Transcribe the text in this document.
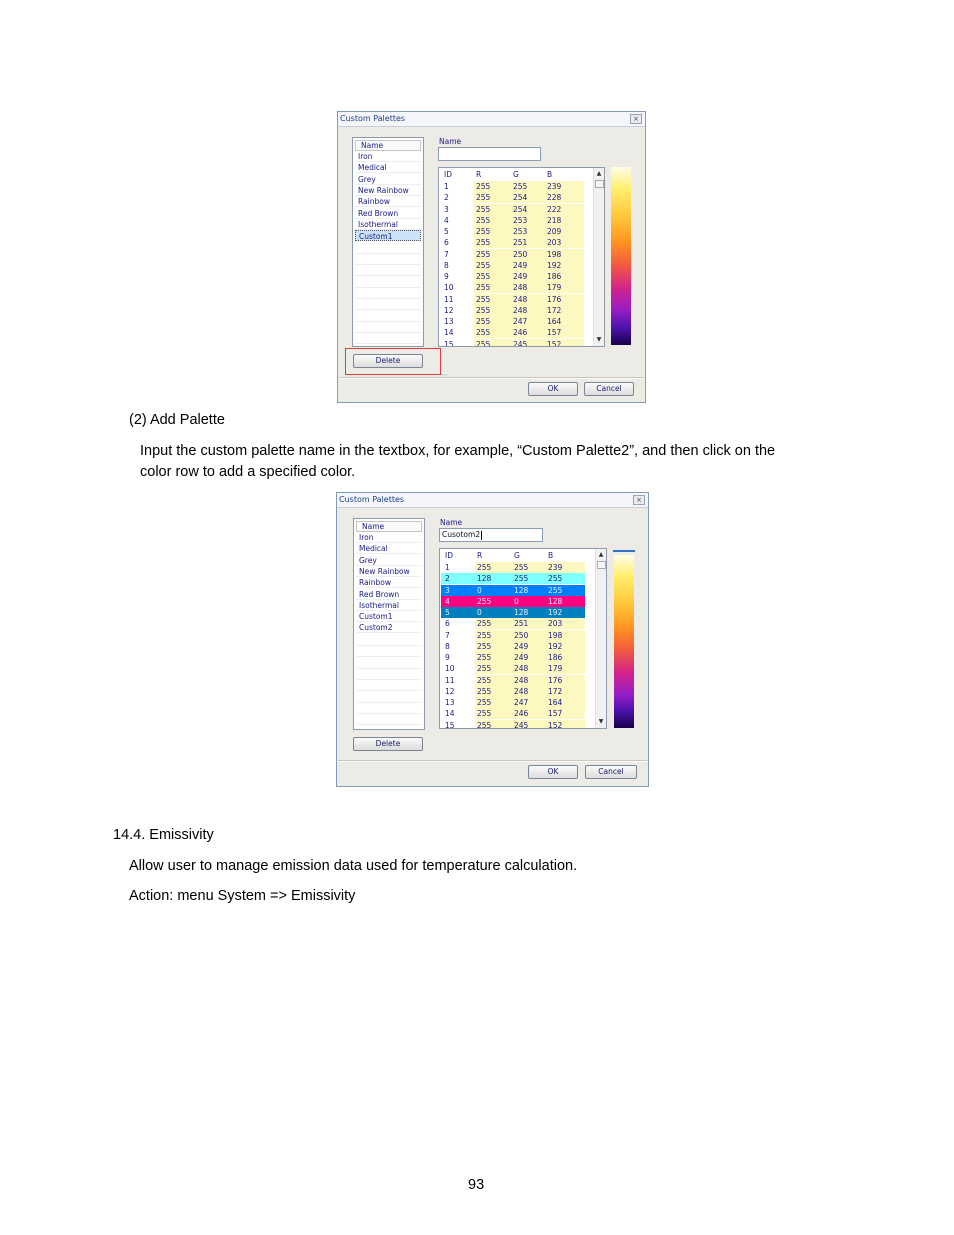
Custom Palettes	×
Name
Iron
Medical
Grey
New Rainbow
Rainbow
Red Brown
Isothermal
Custom1
Name
ID	R	G	B
1	255	255	239
2	255	254	228
3	255	254	222
4	255	253	218
5	255	253	209
6	255	251	203
7	255	250	198
8	255	249	192
9	255	249	186
10	255	248	179
11	255	248	176
12	255	248	172
13	255	247	164
14	255	246	157
15	255	245	152
▲
▼
Delete
OK	Cancel
(2) Add Palette
Input the custom palette name in the textbox, for example, “Custom Palette2”, and then click on the
color row to add a specified color.
Custom Palettes	×
Name
Iron
Medical
Grey
New Rainbow
Rainbow
Red Brown
Isothermal
Custom1
Custom2
Name
Cusotom2
ID	R	G	B
1	255	255	239
2	128	255	255
3	0	128	255
4	255	0	128
5	0	128	192
6	255	251	203
7	255	250	198
8	255	249	192
9	255	249	186
10	255	248	179
11	255	248	176
12	255	248	172
13	255	247	164
14	255	246	157
15	255	245	152
▲
▼
Delete
OK	Cancel
14.4. Emissivity
Allow user to manage emission data used for temperature calculation.
Action: menu System => Emissivity
93
